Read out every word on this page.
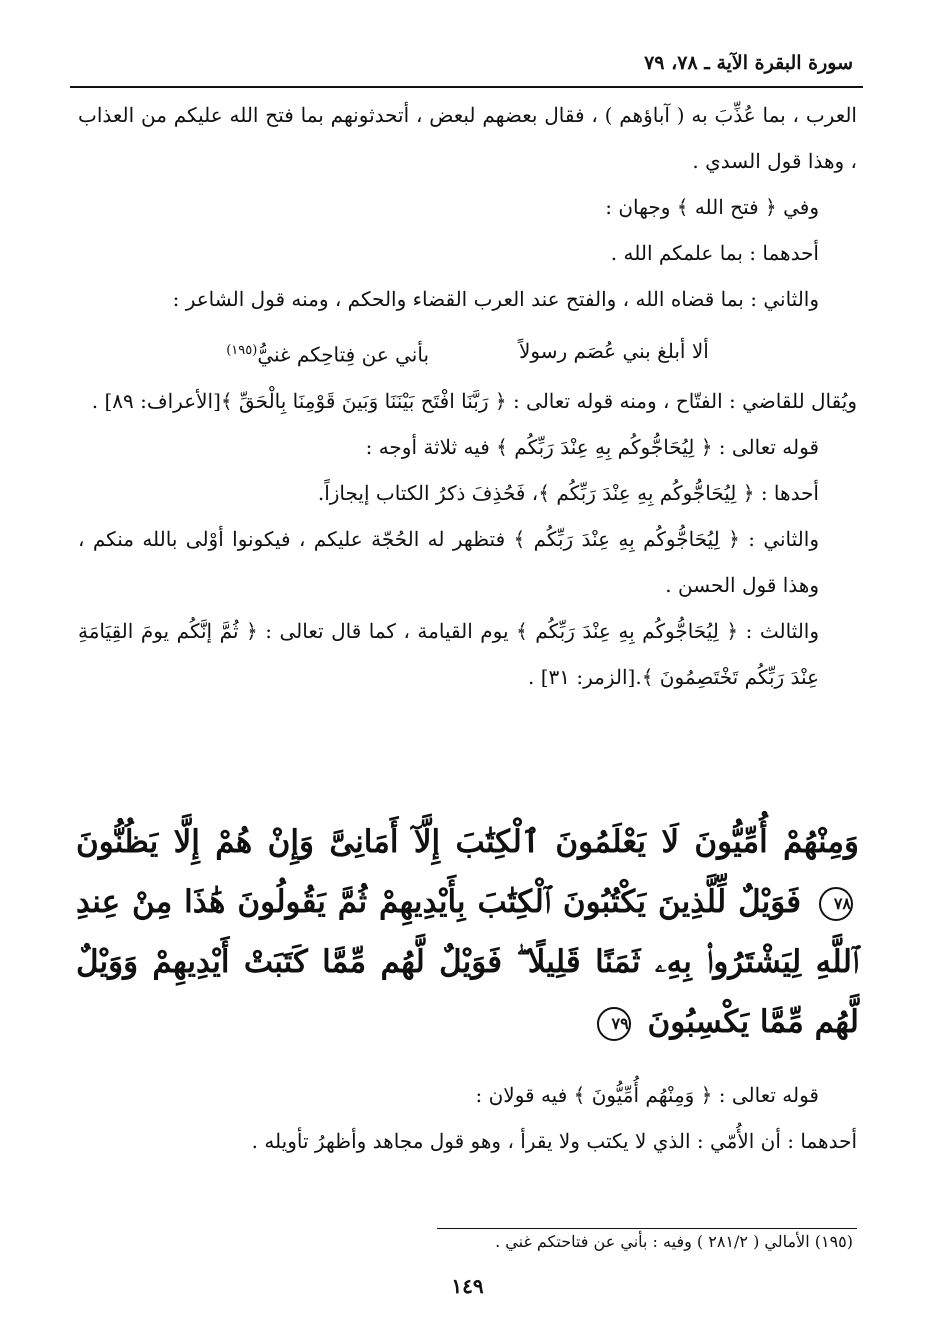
سورة البقرة الآية ـ ٧٨، ٧٩

العرب ، بما عُذِّبَ به ( آباؤهم ) ، فقال بعضهم لبعض ، أتحدثونهم بما فتح الله عليكم من العذاب ، وهذا قول السدي .

وفي ﴿ فتح الله ﴾ وجهان :

أحدهما : بما علمكم الله .

والثاني : بما قضاه الله ، والفتح عند العرب القضاء والحكم ، ومنه قول الشاعر :

ألا أبلغ بني عُصَم رسولاً
بأني عن فِتاحِكم غنيُّ$^{(١٩٥)}$

ويُقال للقاضي : الفتّاح ، ومنه قوله تعالى : ﴿ رَبَّنَا افْتَح بَيْنَنَا وَبَينَ قَوْمِنَا بِالْحَقِّ ﴾[الأعراف: ٨٩] .

قوله تعالى : ﴿ لِيُحَاجُّوكُم بِهِ عِنْدَ رَبِّكُم ﴾ فيه ثلاثة أوجه :

أحدها : ﴿ لِيُحَاجُّوكُم بِهِ عِنْدَ رَبِّكُم ﴾، فَحُذِفَ ذكرُ الكتاب إيجازاً.

والثاني : ﴿ لِيُحَاجُّوكُم بِهِ عِنْدَ رَبِّكُم ﴾ فتظهر له الحُجّة عليكم ، فيكونوا أوْلى بالله منكم ، وهذا قول الحسن .

والثالث : ﴿ لِيُحَاجُّوكُم بِهِ عِنْدَ رَبِّكُم ﴾ يوم القيامة ، كما قال تعالى : ﴿ ثُمَّ إنَّكُم يومَ القِيَامَةِ عِنْدَ رَبِّكُم تَخْتَصِمُونَ ﴾.[الزمر: ٣١] .

وَمِنْهُمْ أُمِّيُّونَ لَا يَعْلَمُونَ ٱلْكِتَٰبَ إِلَّآ أَمَانِىَّ وَإِنْ هُمْ إِلَّا يَظُنُّونَ ٧٨ فَوَيْلٌ لِّلَّذِينَ يَكْتُبُونَ ٱلْكِتَٰبَ بِأَيْدِيهِمْ ثُمَّ يَقُولُونَ هَٰذَا مِنْ عِندِ ٱللَّهِ لِيَشْتَرُوا۟ بِهِۦ ثَمَنًا قَلِيلًا ۖ فَوَيْلٌ لَّهُم مِّمَّا كَتَبَتْ أَيْدِيهِمْ وَوَيْلٌ لَّهُم مِّمَّا يَكْسِبُونَ ٧٩

قوله تعالى : ﴿ وَمِنْهُم أُمِّيُّونَ ﴾ فيه قولان :

أحدهما : أن الأُمّي : الذي لا يكتب ولا يقرأ ، وهو قول مجاهد وأظهرُ تأويله .

(١٩٥) الأمالي ( ٢٨١/٢ ) وفيه : بأني عن فتاحتكم غني .
١٤٩
